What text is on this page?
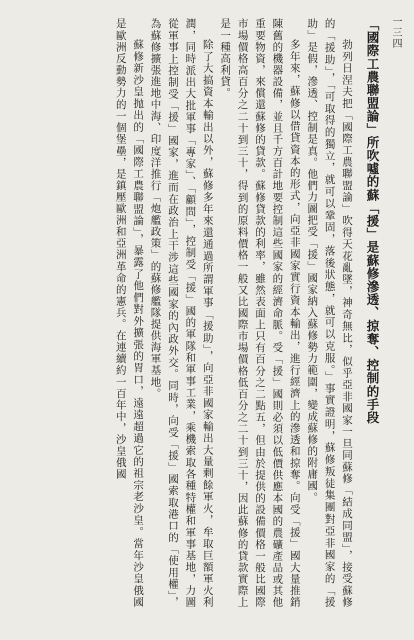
一三四
「國際工農聯盟論」所吹噓的蘇「援」是蘇修滲透、掠奪、控制的手段

勃列日涅夫把「國際工農聯盟論」吹得天花亂墜，神奇無比，似乎亞非國家一旦同蘇修「結成同盟」，接受蘇修的「援助」，「可取得的獨立，就可以鞏固，落後狀態，就可以克服。」事實證明，蘇修叛徒集團對亞非國家的「援助」是假，滲透、控制是真。他們力圖把受「援」國家納入蘇修勢力範圍，變成蘇修的附庸國。

多年來，蘇修以借貸資本的形式，向亞非國家實行資本輸出，進行經濟上的滲透和掠奪。向受「援」國大量推銷陳舊的機器設備，並且千方百計地要控制這些國家的經濟命脈。受「援」國則必須以低價供應本國的農礦產品或其他重要物資，來償還蘇修的貸款。蘇修貸款的利率，雖然表面上只有百分之二點五，但由於提供的設備價格一般比國際市場價格高百分之二十到三十，得到的原料價格一般又比國際市場價格低百分之二十到三十，因此蘇修的貸款實際上是一種高利貸。

除了大搞資本輸出以外，蘇修多年來還通過所謂軍事「援助」，向亞非國家輸出大量剩餘軍火，牟取巨額軍火利潤，同時派出大批軍事「專家」、「顧問」，控制受「援」國的軍隊和軍事工業，乘機索取各種特權和軍事基地，力圖從軍事上控制受「援」國家，進而在政治上干涉這些國家的內政外交。同時，向受「援」國索取港口的「使用權」，為蘇修擴張進地中海、印度洋推行「炮艦政策」的蘇修艦隊提供海軍基地。

蘇修新沙皇抛出的「國際工農聯盟論」，暴露了他們對外擴張的胃口，遠遠超過它的祖宗老沙皇。當年沙皇俄國是歐洲反動勢力的一個堡壘，是鎮壓歐洲和亞洲革命的憲兵。在連續約一百年中，沙皇俄國
